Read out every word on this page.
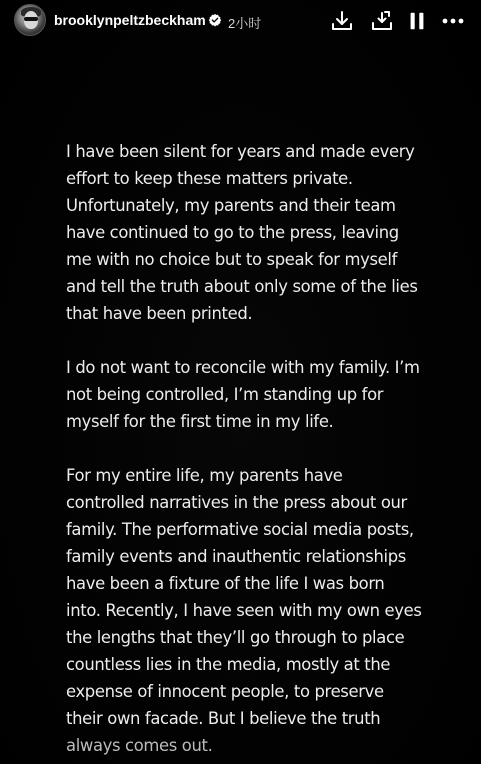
brooklynpeltzbeckham 2小时

I have been silent for years and made every
effort to keep these matters private.
Unfortunately, my parents and their team
have continued to go to the press, leaving
me with no choice but to speak for myself
and tell the truth about only some of the lies
that have been printed.

I do not want to reconcile with my family. I’m
not being controlled, I’m standing up for
myself for the first time in my life.

For my entire life, my parents have
controlled narratives in the press about our
family. The performative social media posts,
family events and inauthentic relationships
have been a fixture of the life I was born
into. Recently, I have seen with my own eyes
the lengths that they’ll go through to place
countless lies in the media, mostly at the
expense of innocent people, to preserve
their own facade. But I believe the truth
always comes out.
